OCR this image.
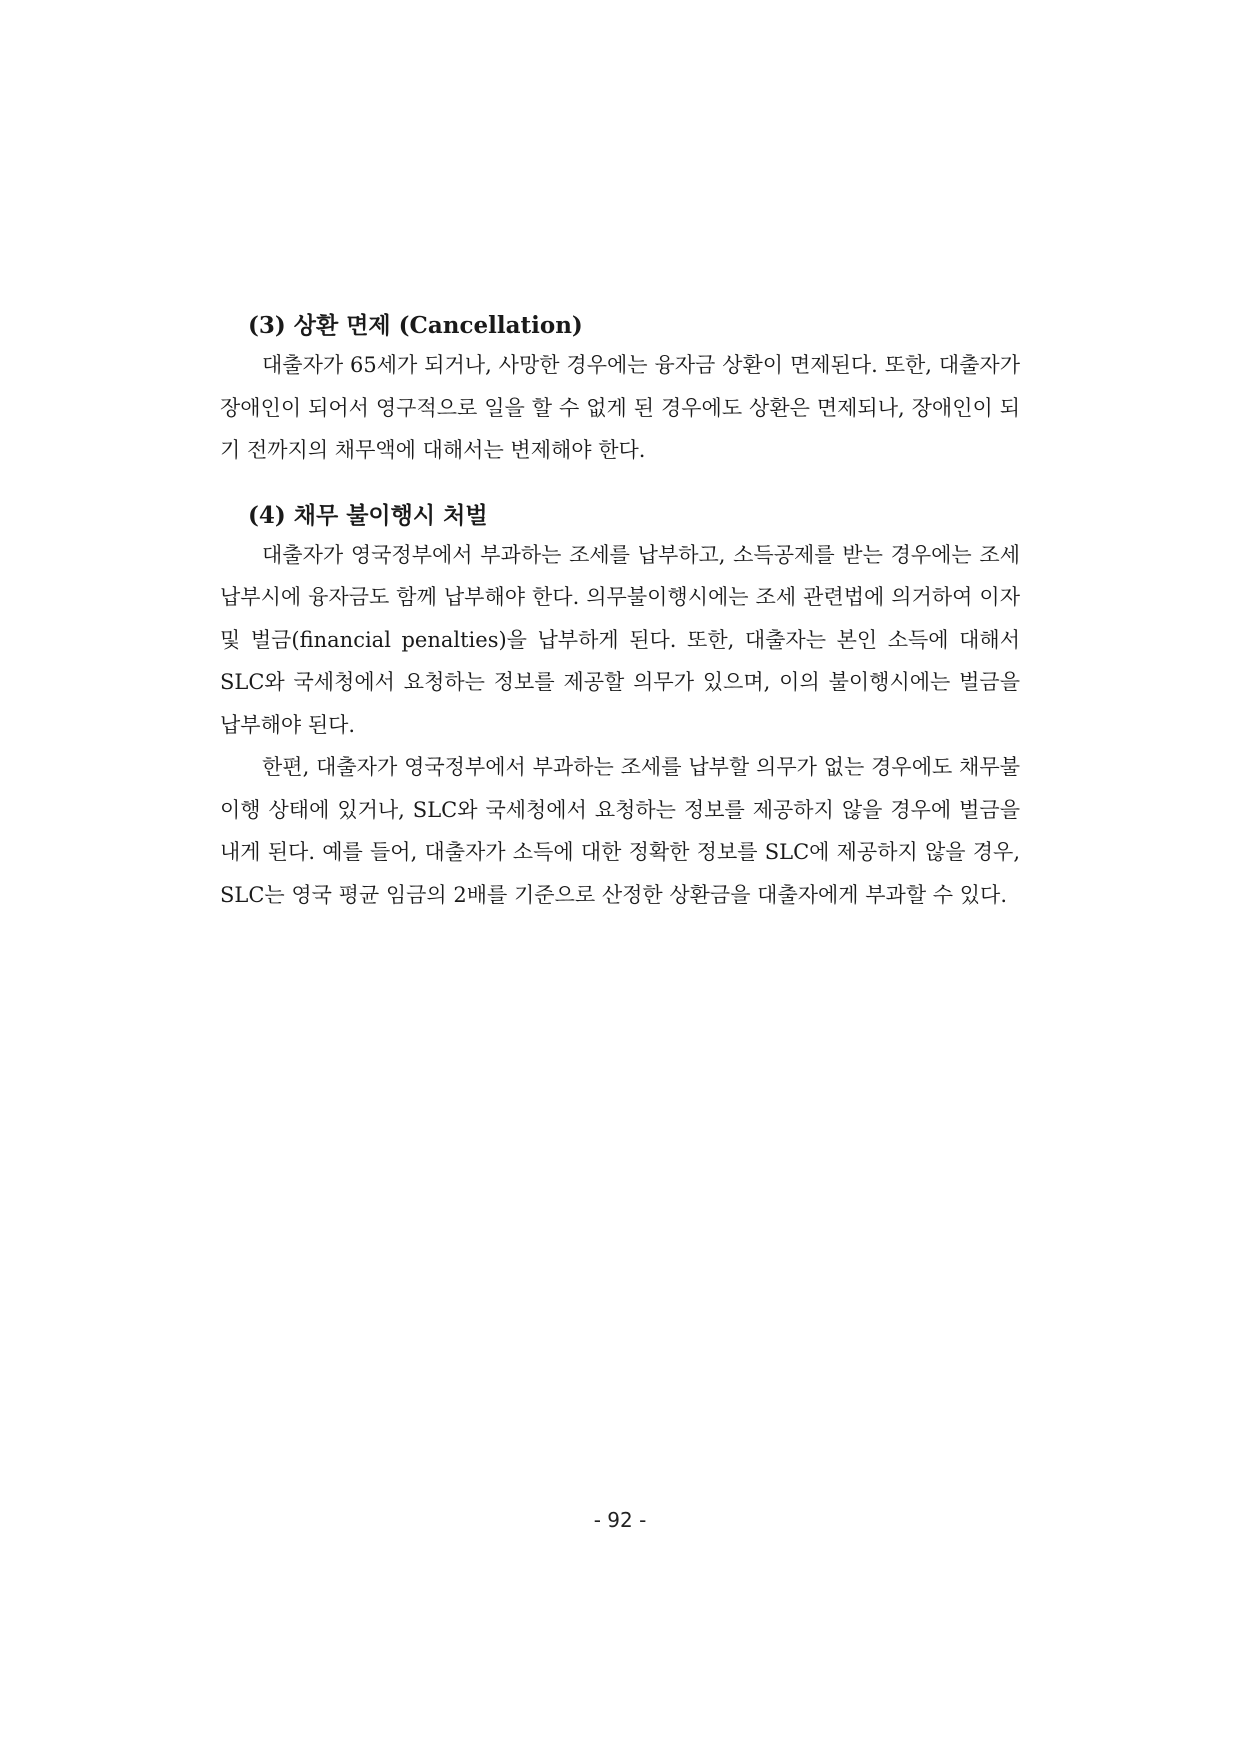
(3) 상환 면제 (Cancellation)

대출자가 65세가 되거나, 사망한 경우에는 융자금 상환이 면제된다. 또한, 대출자가 장애인이 되어서 영구적으로 일을 할 수 없게 된 경우에도 상환은 면제되나, 장애인이 되기 전까지의 채무액에 대해서는 변제해야 한다.

(4) 채무 불이행시 처벌

대출자가 영국정부에서 부과하는 조세를 납부하고, 소득공제를 받는 경우에는 조세 납부시에 융자금도 함께 납부해야 한다. 의무불이행시에는 조세 관련법에 의거하여 이자 및 벌금(financial penalties)을 납부하게 된다. 또한, 대출자는 본인 소득에 대해서 SLC와 국세청에서 요청하는 정보를 제공할 의무가 있으며, 이의 불이행시에는 벌금을 납부해야 된다.

한편, 대출자가 영국정부에서 부과하는 조세를 납부할 의무가 없는 경우에도 채무불이행 상태에 있거나, SLC와 국세청에서 요청하는 정보를 제공하지 않을 경우에 벌금을 내게 된다. 예를 들어, 대출자가 소득에 대한 정확한 정보를 SLC에 제공하지 않을 경우, SLC는 영국 평균 임금의 2배를 기준으로 산정한 상환금을 대출자에게 부과할 수 있다.

- 92 -
